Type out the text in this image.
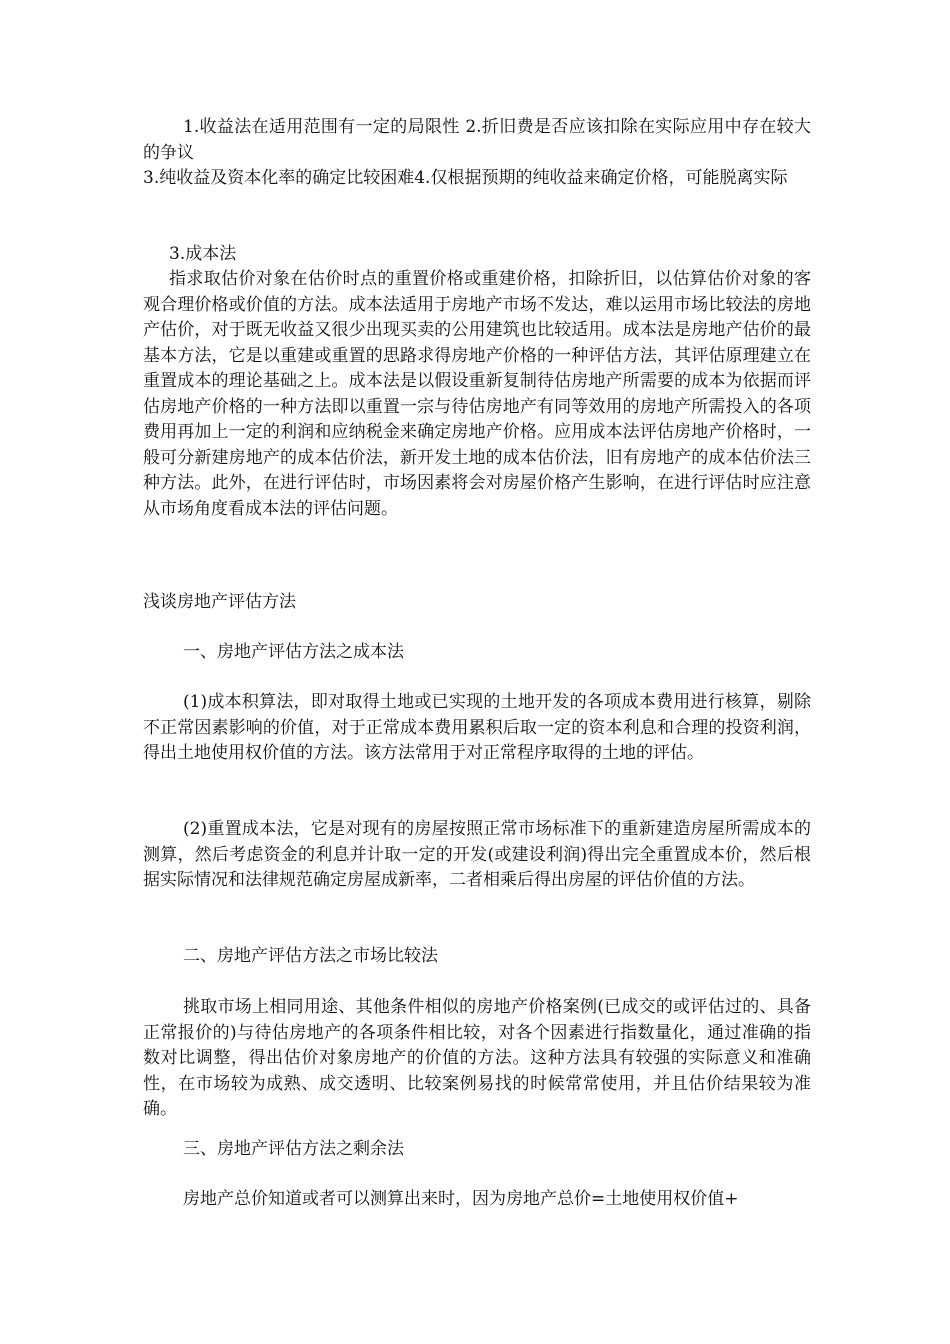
1.收益法在适用范围有一定的局限性 2.折旧费是否应该扣除在实际应用中存在较大的争议

3.纯收益及资本化率的确定比较困难4.仅根据预期的纯收益来确定价格，可能脱离实际

3.成本法

指求取估价对象在估价时点的重置价格或重建价格，扣除折旧，以估算估价对象的客观合理价格或价值的方法。成本法适用于房地产市场不发达，难以运用市场比较法的房地产估价，对于既无收益又很少出现买卖的公用建筑也比较适用。成本法是房地产估价的最基本方法，它是以重建或重置的思路求得房地产价格的一种评估方法，其评估原理建立在重置成本的理论基础之上。成本法是以假设重新复制待估房地产所需要的成本为依据而评估房地产价格的一种方法即以重置一宗与待估房地产有同等效用的房地产所需投入的各项费用再加上一定的利润和应纳税金来确定房地产价格。应用成本法评估房地产价格时，一般可分新建房地产的成本估价法，新开发土地的成本估价法，旧有房地产的成本估价法三种方法。此外，在进行评估时，市场因素将会对房屋价格产生影响，在进行评估时应注意从市场角度看成本法的评估问题。

浅谈房地产评估方法

一、房地产评估方法之成本法

(1)成本积算法，即对取得土地或已实现的土地开发的各项成本费用进行核算，剔除不正常因素影响的价值，对于正常成本费用累积后取一定的资本利息和合理的投资利润，得出土地使用权价值的方法。该方法常用于对正常程序取得的土地的评估。

(2)重置成本法，它是对现有的房屋按照正常市场标准下的重新建造房屋所需成本的测算，然后考虑资金的利息并计取一定的开发(或建设利润)得出完全重置成本价，然后根据实际情况和法律规范确定房屋成新率，二者相乘后得出房屋的评估价值的方法。

二、房地产评估方法之市场比较法

挑取市场上相同用途、其他条件相似的房地产价格案例(已成交的或评估过的、具备正常报价的)与待估房地产的各项条件相比较，对各个因素进行指数量化，通过准确的指数对比调整，得出估价对象房地产的价值的方法。这种方法具有较强的实际意义和准确性，在市场较为成熟、成交透明、比较案例易找的时候常常使用，并且估价结果较为准确。

三、房地产评估方法之剩余法

房地产总价知道或者可以测算出来时，因为房地产总价=土地使用权价值+
